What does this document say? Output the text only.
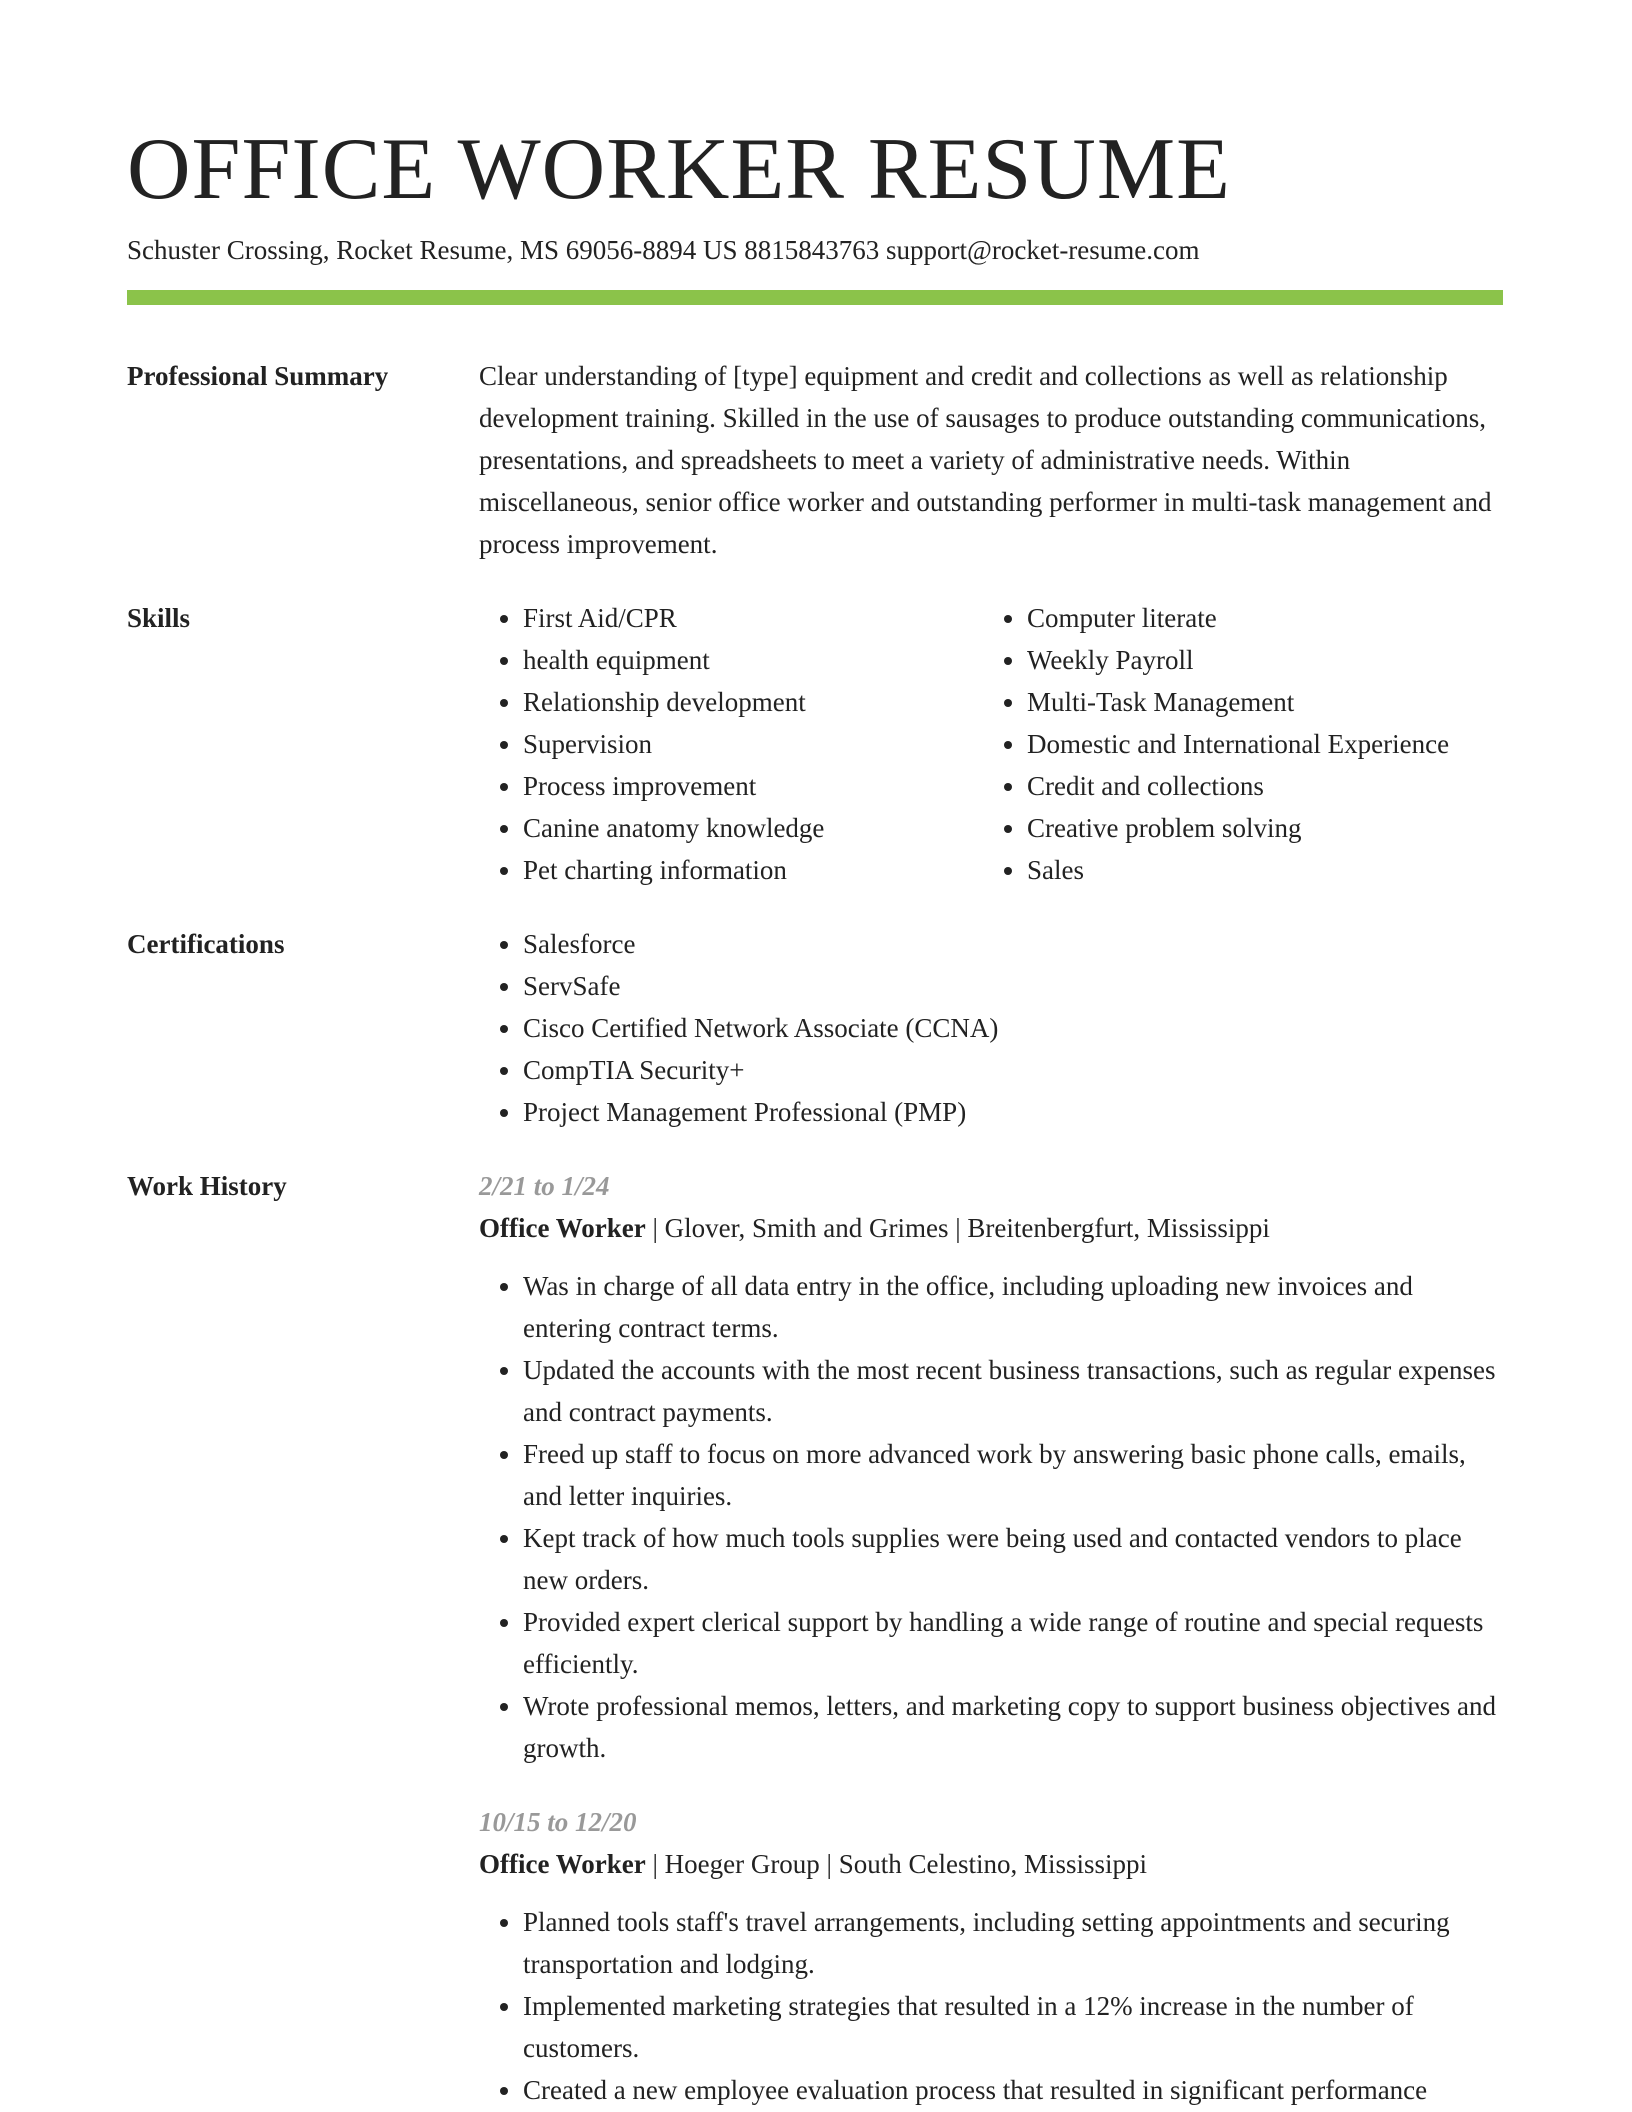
OFFICE WORKER RESUME
Schuster Crossing, Rocket Resume, MS 69056-8894 US 8815843763 support@rocket-resume.com
Professional Summary	Clear understanding of [type] equipment and credit and collections as well as relationship development training. Skilled in the use of sausages to produce outstanding communications, presentations, and spreadsheets to meet a variety of administrative needs. Within miscellaneous, senior office worker and outstanding performer in multi-task management and process improvement.
Skills	• First Aid/CPR
• health equipment
• Relationship development
• Supervision
• Process improvement
• Canine anatomy knowledge
• Pet charting information
• Computer literate
• Weekly Payroll
• Multi-Task Management
• Domestic and International Experience
• Credit and collections
• Creative problem solving
• Sales
Certifications	• Salesforce
• ServSafe
• Cisco Certified Network Associate (CCNA)
• CompTIA Security+
• Project Management Professional (PMP)
Work History	2/21 to 1/24
Office Worker | Glover, Smith and Grimes | Breitenbergfurt, Mississippi
• Was in charge of all data entry in the office, including uploading new invoices and entering contract terms.
• Updated the accounts with the most recent business transactions, such as regular expenses and contract payments.
• Freed up staff to focus on more advanced work by answering basic phone calls, emails, and letter inquiries.
• Kept track of how much tools supplies were being used and contacted vendors to place new orders.
• Provided expert clerical support by handling a wide range of routine and special requests efficiently.
• Wrote professional memos, letters, and marketing copy to support business objectives and growth.
10/15 to 12/20
Office Worker | Hoeger Group | South Celestino, Mississippi
• Planned tools staff's travel arrangements, including setting appointments and securing transportation and lodging.
• Implemented marketing strategies that resulted in a 12% increase in the number of customers.
• Created a new employee evaluation process that resulted in significant performance
